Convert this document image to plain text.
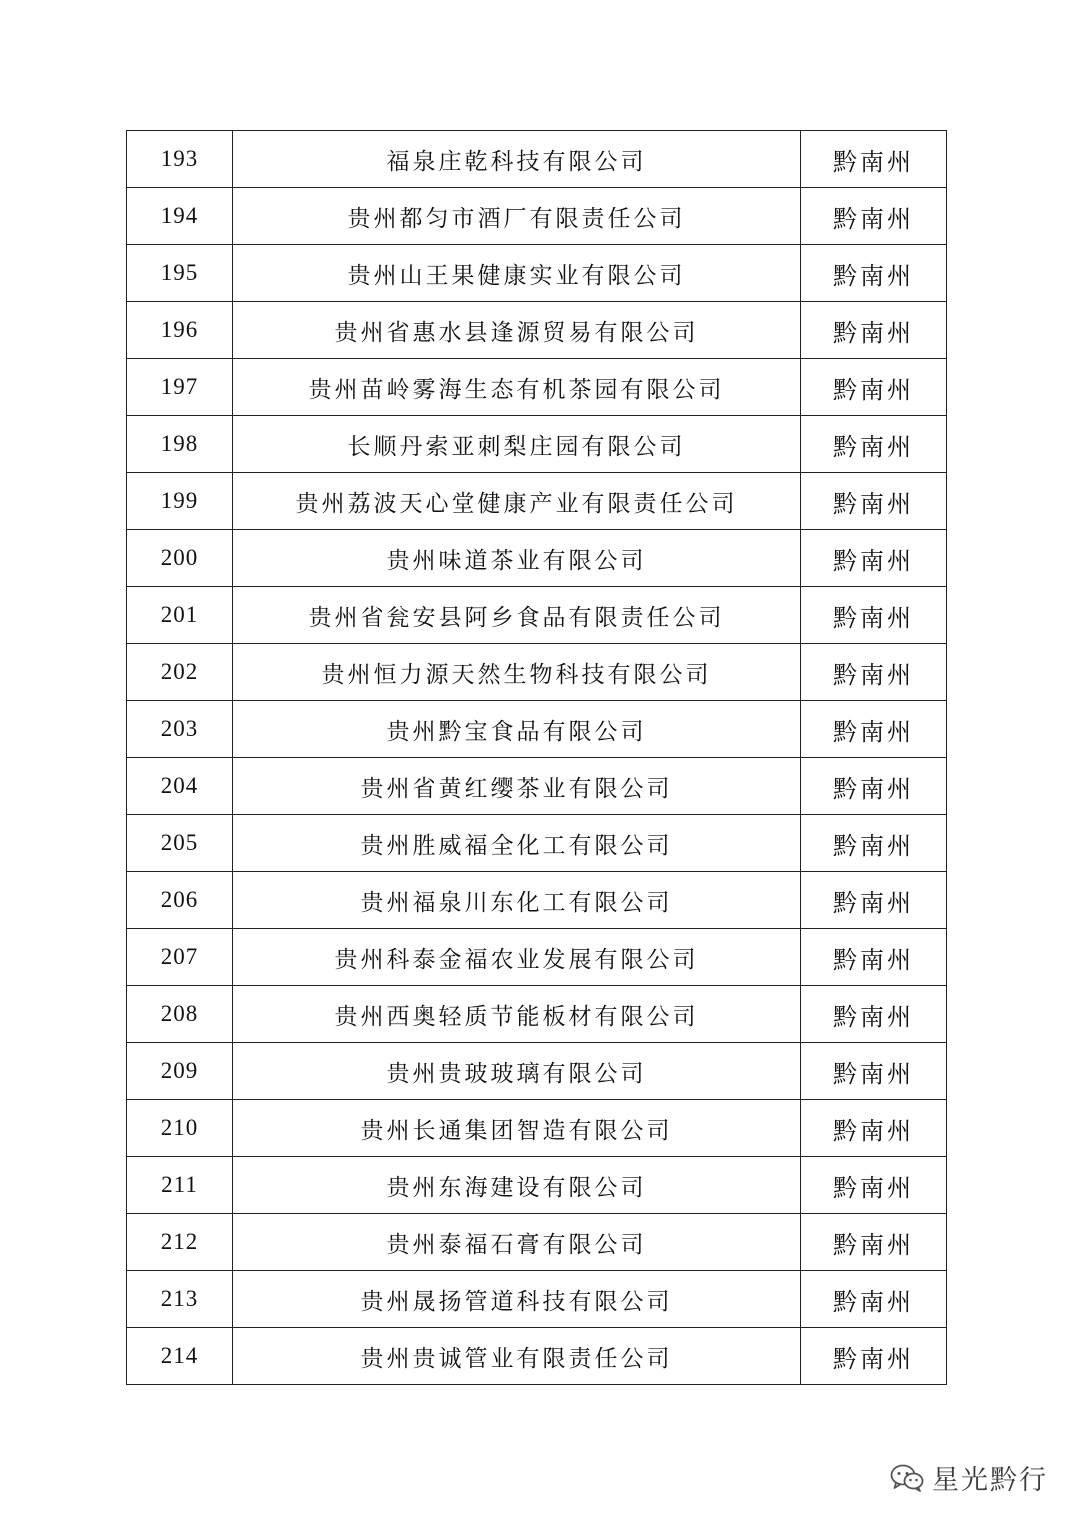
193	福泉庄乾科技有限公司	黔南州
194	贵州都匀市酒厂有限责任公司	黔南州
195	贵州山王果健康实业有限公司	黔南州
196	贵州省惠水县逢源贸易有限公司	黔南州
197	贵州苗岭雾海生态有机茶园有限公司	黔南州
198	长顺丹索亚刺梨庄园有限公司	黔南州
199	贵州荔波天心堂健康产业有限责任公司	黔南州
200	贵州味道茶业有限公司	黔南州
201	贵州省瓮安县阿乡食品有限责任公司	黔南州
202	贵州恒力源天然生物科技有限公司	黔南州
203	贵州黔宝食品有限公司	黔南州
204	贵州省黄红缨茶业有限公司	黔南州
205	贵州胜威福全化工有限公司	黔南州
206	贵州福泉川东化工有限公司	黔南州
207	贵州科泰金福农业发展有限公司	黔南州
208	贵州西奥轻质节能板材有限公司	黔南州
209	贵州贵玻玻璃有限公司	黔南州
210	贵州长通集团智造有限公司	黔南州
211	贵州东海建设有限公司	黔南州
212	贵州泰福石膏有限公司	黔南州
213	贵州晟扬管道科技有限公司	黔南州
214	贵州贵诚管业有限责任公司	黔南州
星光黔行
